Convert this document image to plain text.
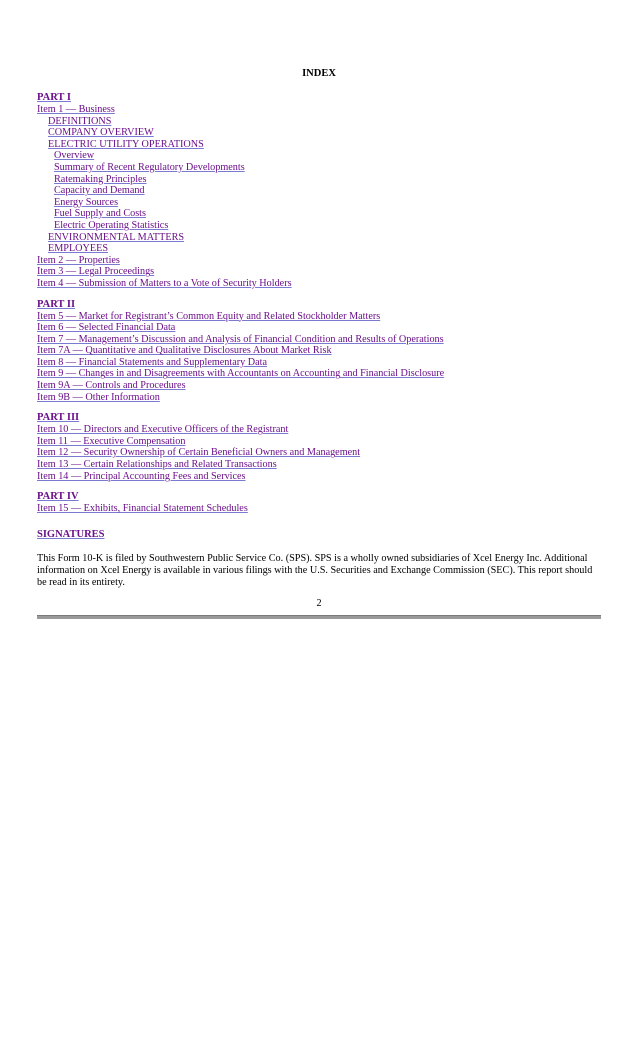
INDEX
PART I
Item 1 — Business
DEFINITIONS
COMPANY OVERVIEW
ELECTRIC UTILITY OPERATIONS
Overview
Summary of Recent Regulatory Developments
Ratemaking Principles
Capacity and Demand
Energy Sources
Fuel Supply and Costs
Electric Operating Statistics
ENVIRONMENTAL MATTERS
EMPLOYEES
Item 2 — Properties
Item 3 — Legal Proceedings
Item 4 — Submission of Matters to a Vote of Security Holders
PART II
Item 5 — Market for Registrant’s Common Equity and Related Stockholder Matters
Item 6 — Selected Financial Data
Item 7 — Management’s Discussion and Analysis of Financial Condition and Results of Operations
Item 7A — Quantitative and Qualitative Disclosures About Market Risk
Item 8 — Financial Statements and Supplementary Data
Item 9 — Changes in and Disagreements with Accountants on Accounting and Financial Disclosure
Item 9A — Controls and Procedures
Item 9B — Other Information
PART III
Item 10 — Directors and Executive Officers of the Registrant
Item 11 — Executive Compensation
Item 12 — Security Ownership of Certain Beneficial Owners and Management
Item 13 — Certain Relationships and Related Transactions
Item 14 — Principal Accounting Fees and Services
PART IV
Item 15 — Exhibits, Financial Statement Schedules
SIGNATURES
This Form 10-K is filed by Southwestern Public Service Co. (SPS). SPS is a wholly owned subsidiaries of Xcel Energy Inc. Additional information on Xcel Energy is available in various filings with the U.S. Securities and Exchange Commission (SEC). This report should be read in its entirety.
2
